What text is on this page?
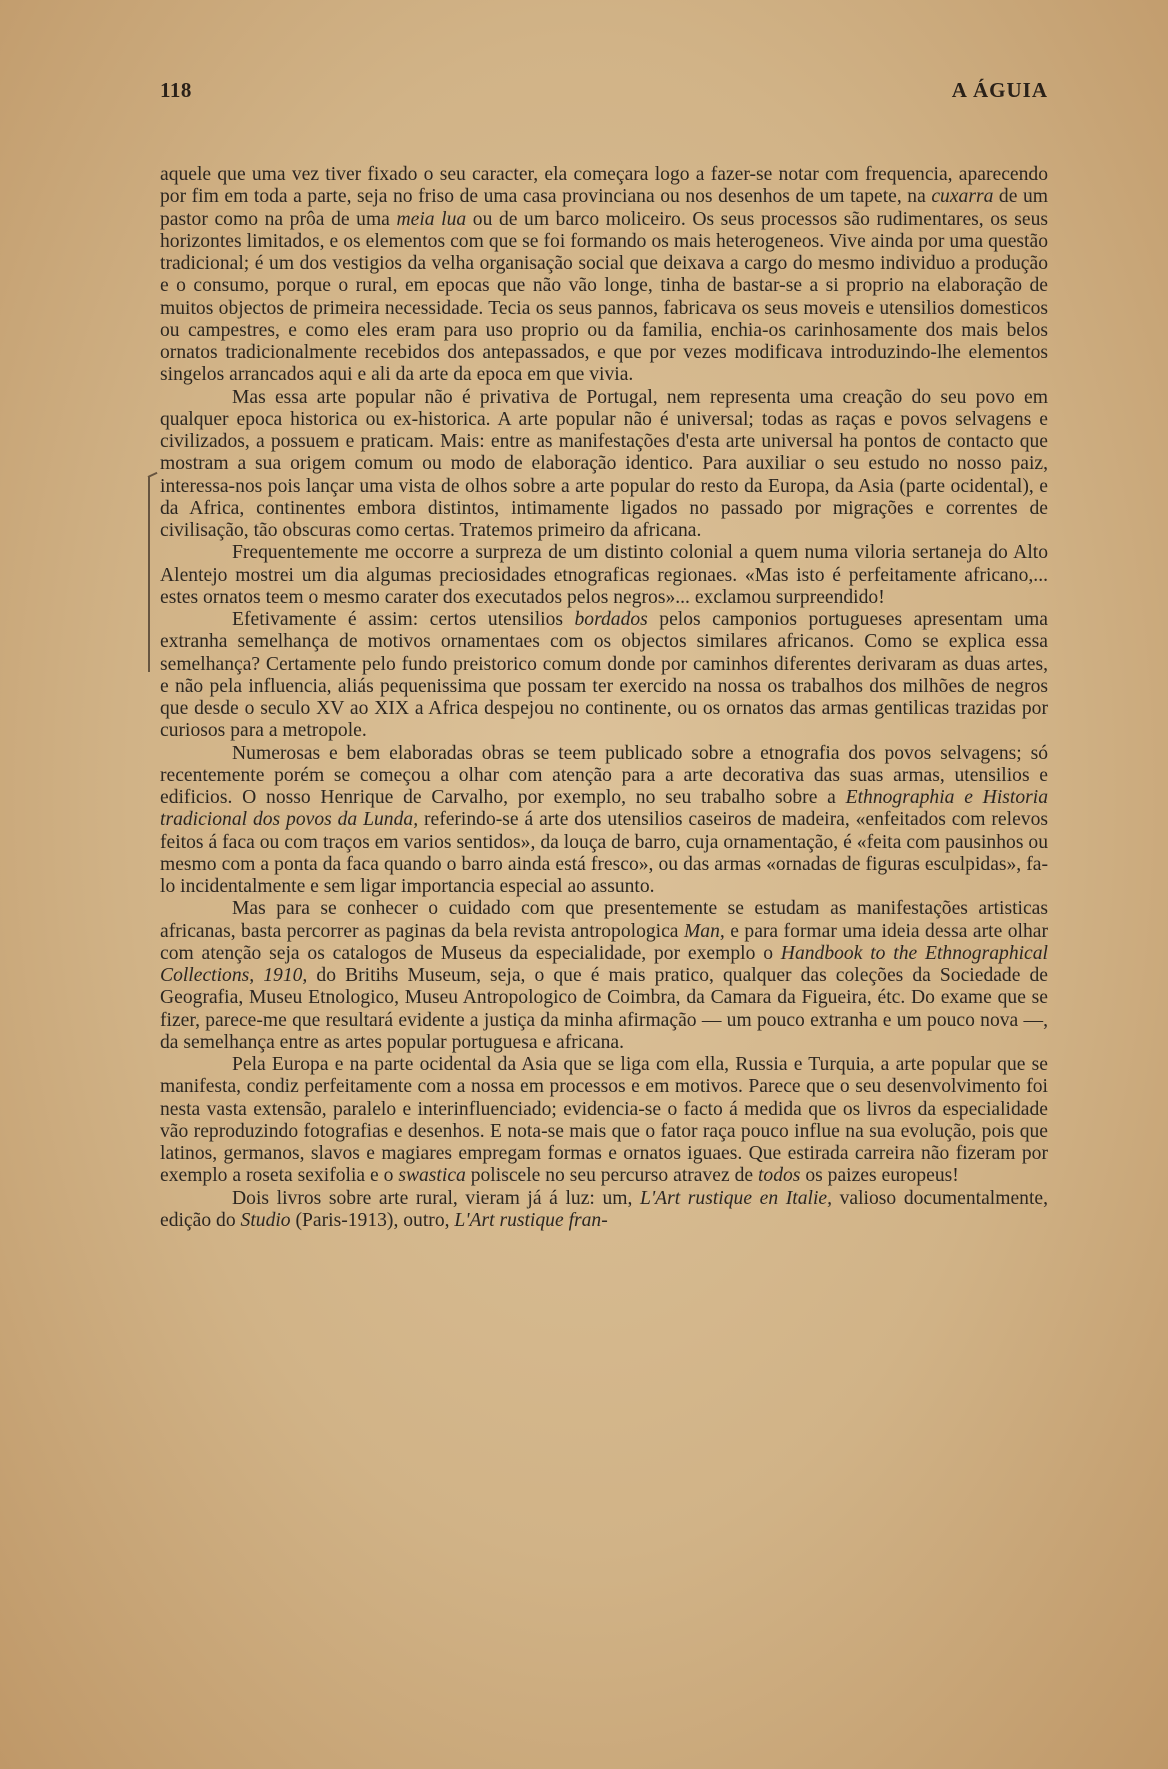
118	A ÁGUIA

aquele que uma vez tiver fixado o seu caracter, ela começara logo a fazer-se notar com frequencia, aparecendo por fim em toda a parte, seja no friso de uma casa provinciana ou nos desenhos de um tapete, na cuxarra de um pastor como na prôa de uma meia lua ou de um barco moliceiro. Os seus processos são rudimentares, os seus horizontes limitados, e os elementos com que se foi formando os mais heterogeneos. Vive ainda por uma questão tradicional; é um dos vestigios da velha organisação social que deixava a cargo do mesmo individuo a produção e o consumo, porque o rural, em epocas que não vão longe, tinha de bastar-se a si proprio na elaboração de muitos objectos de primeira necessidade. Tecia os seus pannos, fabricava os seus moveis e utensilios domesticos ou campestres, e como eles eram para uso proprio ou da familia, enchia-os carinhosamente dos mais belos ornatos tradicionalmente recebidos dos antepassados, e que por vezes modificava introduzindo-lhe elementos singelos arrancados aqui e ali da arte da epoca em que vivia.

Mas essa arte popular não é privativa de Portugal, nem representa uma creação do seu povo em qualquer epoca historica ou ex-historica. A arte popular não é universal; todas as raças e povos selvagens e civilizados, a possuem e praticam. Mais: entre as manifestações d'esta arte universal ha pontos de contacto que mostram a sua origem comum ou modo de elaboração identico. Para auxiliar o seu estudo no nosso paiz, interessa-nos pois lançar uma vista de olhos sobre a arte popular do resto da Europa, da Asia (parte ocidental), e da Africa, continentes embora distintos, intimamente ligados no passado por migrações e correntes de civilisação, tão obscuras como certas. Tratemos primeiro da africana.

Frequentemente me occorre a surpreza de um distinto colonial a quem numa viloria sertaneja do Alto Alentejo mostrei um dia algumas preciosidades etnograficas regionaes. «Mas isto é perfeitamente africano,... estes ornatos teem o mesmo carater dos executados pelos negros»... exclamou surpreendido!

Efetivamente é assim: certos utensilios bordados pelos camponios portugueses apresentam uma extranha semelhança de motivos ornamentaes com os objectos similares africanos. Como se explica essa semelhança? Certamente pelo fundo preistorico comum donde por caminhos diferentes derivaram as duas artes, e não pela influencia, aliás pequenissima que possam ter exercido na nossa os trabalhos dos milhões de negros que desde o seculo XV ao XIX a Africa despejou no continente, ou os ornatos das armas gentilicas trazidas por curiosos para a metropole.

Numerosas e bem elaboradas obras se teem publicado sobre a etnografia dos povos selvagens; só recentemente porém se começou a olhar com atenção para a arte decorativa das suas armas, utensilios e edificios. O nosso Henrique de Carvalho, por exemplo, no seu trabalho sobre a Ethnographia e Historia tradicional dos povos da Lunda, referindo-se á arte dos utensilios caseiros de madeira, «enfeitados com relevos feitos á faca ou com traços em varios sentidos», da louça de barro, cuja ornamentação, é «feita com pausinhos ou mesmo com a ponta da faca quando o barro ainda está fresco», ou das armas «ornadas de figuras esculpidas», fa-lo incidentalmente e sem ligar importancia especial ao assunto.

Mas para se conhecer o cuidado com que presentemente se estudam as manifestações artisticas africanas, basta percorrer as paginas da bela revista antropologica Man, e para formar uma ideia dessa arte olhar com atenção seja os catalogos de Museus da especialidade, por exemplo o Handbook to the Ethnographical Collections, 1910, do Britihs Museum, seja, o que é mais pratico, qualquer das coleções da Sociedade de Geografia, Museu Etnologico, Museu Antropologico de Coimbra, da Camara da Figueira, étc. Do exame que se fizer, parece-me que resultará evidente a justiça da minha afirmação — um pouco extranha e um pouco nova —, da semelhança entre as artes popular portuguesa e africana.

Pela Europa e na parte ocidental da Asia que se liga com ella, Russia e Turquia, a arte popular que se manifesta, condiz perfeitamente com a nossa em processos e em motivos. Parece que o seu desenvolvimento foi nesta vasta extensão, paralelo e interinfluenciado; evidencia-se o facto á medida que os livros da especialidade vão reproduzindo fotografias e desenhos. E nota-se mais que o fator raça pouco influe na sua evolução, pois que latinos, germanos, slavos e magiares empregam formas e ornatos iguaes. Que estirada carreira não fizeram por exemplo a roseta sexifolia e o swastica poliscele no seu percurso atravez de todos os paizes europeus!

Dois livros sobre arte rural, vieram já á luz: um, L'Art rustique en Italie, valioso documentalmente, edição do Studio (Paris-1913), outro, L'Art rustique fran-
